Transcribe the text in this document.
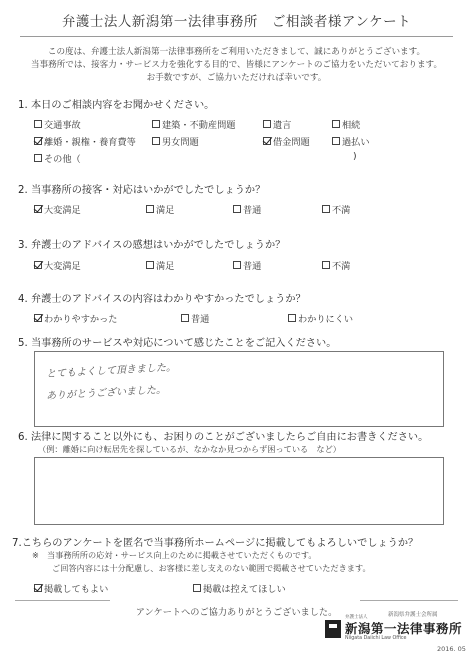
弁護士法人新潟第一法律事務所　ご相談者様アンケート
この度は、弁護士法人新潟第一法律事務所をご利用いただきまして、誠にありがとうございます。
当事務所では、接客力・サービス力を強化する目的で、皆様にアンケートのご協力をいただいております。
お手数ですが、ご協力いただければ幸いです。
1. 本日のご相談内容をお聞かせください。
交通事故	建築・不動産問題	遺言	相続
離婚・親権・養育費等	男女問題	借金問題	過払い
その他（	)
2. 当事務所の接客・対応はいかがでしたでしょうか？
大変満足	満足	普通	不満
3. 弁護士のアドバイスの感想はいかがでしたでしょうか？
大変満足	満足	普通	不満
4. 弁護士のアドバイスの内容はわかりやすかったでしょうか？
わかりやすかった	普通	わかりにくい
5. 当事務所のサービスや対応について感じたことをご記入ください。
とてもよくして頂きました。
ありがとうございました。
6. 法律に関すること以外にも、お困りのことがございましたらご自由にお書きください。
（例：離婚に向け転居先を探しているが、なかなか見つからず困っている　など）
7.こちらのアンケートを匿名で当事務所ホームページに掲載してもよろしいでしょうか？
※　当事務所所の応対・サービス向上のために掲載させていただくものです。
ご回答内容には十分配慮し、お客様に差し支えのない範囲で掲載させていただきます。
掲載してもよい	掲載は控えてほしい
アンケートへのご協力ありがとうございました。	新潟県弁護士会所属
弁護士法人
新潟第一法律事務所
Niigata Daiichi Law Office
2016. 05
